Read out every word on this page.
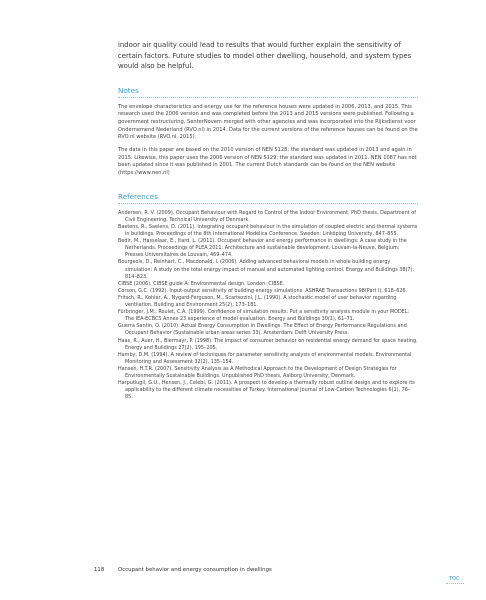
indoor air quality could lead to results that would further explain the sensitivity of certain factors. Future studies to model other dwelling, household, and system types would also be helpful.

Notes

The envelope characteristics and energy use for the reference houses were updated in 2006, 2013, and 2015. This research used the 2006 version and was completed before the 2013 and 2015 versions were published. Following a government restructuring, SenterNovem merged with other agencies and was incorporated into the Rijksdienst voor Ondernemend Nederland (RVO.nl) in 2014. Data for the current versions of the reference houses can be found on the RVO.nl website (RVO.nl, 2015).

The data in this paper are based on the 2010 version of NEN 5128; the standard was updated in 2013 and again in 2015. Likewise, this paper uses the 2006 version of NEN 5129; the standard was updated in 2011. NEN 1087 has not been updated since it was published in 2001. The current Dutch standards can be found on the NEN website (https://www.nen.nl)

References

Andersen, R. V. (2009). Occupant Behaviour with Regard to Control of the Indoor Environment. PhD thesis, Department of Civil Engineering, Technical University of Denmark.
Baetens, R., Saelens, D. (2011). Integrating occupant behaviour in the simulation of coupled electric and thermal systems in buildings. Proceedings of the 8th International Modelica Conference. Sweden: Linköping University, 847–855.
Bedir, M., Hasselaar, E., Itard, L. (2011). Occupant behavior and energy performance in dwellings: A case study in the Netherlands. Proceedings of PLEA 2011: Architecture and sustainable development, Louvain-la-Neuve, Belgium: Presses Universitaires de Louvain, 469–474.
Bourgeois, D., Reinhart, C., Macdonald, I. (2006). Adding advanced behavioral models in whole building energy simulation: A study on the total energy impact of manual and automated lighting control. Energy and Buildings 38(7), 814–823.
CIBSE (2006). CIBSE guide A: Environmental design. London: CIBSE.
Corson, G.C. (1992). Input-output sensitivity of building energy simulations. ASHRAE Transactions 98(Part I), 618–626.
Fritsch, R., Kohler, A., Nygard-Ferguson, M., Scartezzini, J.L. (1990). A stochastic model of user behavior regarding ventilation. Building and Environment 25(2), 173–181.
Fürbringer, J.M., Roulet, C.A. (1999). Confidence of simulation results: Put a sensitivity analysis module in your MODEL: The IEA-ECBCS Annex 23 experience of model evaluation. Energy and Buildings 30(1), 61–71.
Guerra Santin, O. (2010). Actual Energy Consumption in Dwellings: The Effect of Energy Performance Regulations and Occupant Behavior (Sustainable urban areas series 33). Amsterdam: Delft University Press.
Haas, R., Auer, H., Biermayr, P. (1998). The impact of consumer behavior on residential energy demand for space heating. Energy and Buildings 27(2), 195–205.
Hamby, D.M. (1994). A review of techniques for parameter sensitivity analysis of environmental models. Environmental Monitoring and Assessment 32(2), 135–154.
Hansen, H.T.R. (2007). Sensitivity Analysis as A Methodical Approach to the Development of Design Strategies for Environmentally Sustainable Buildings. Unpublished PhD thesis, Aalborg University, Denmark.
Harputlugil, G.U., Hensen, J., Celebi, G. (2011). A prospect to develop a thermally robust outline design and to explore its applicability to the different climate necessities of Turkey. International Journal of Low-Carbon Technologies 6(1), 76–85.
118	Occupant behavior and energy consumption in dwellings
TOC
